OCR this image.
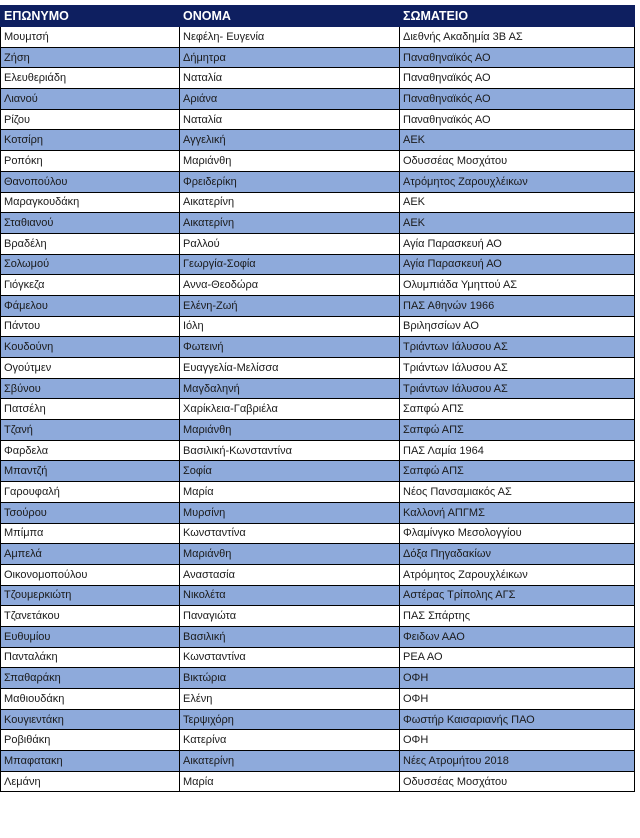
ΕΠΩΝΥΜΟ	ΟΝΟΜΑ	ΣΩΜΑΤΕΙΟ
Μουμτσή	Νεφέλη- Ευγενία	Διεθνής Ακαδημία 3Β ΑΣ
Ζήση	Δήμητρα	Παναθηναϊκός ΑΟ
Ελευθεριάδη	Ναταλία	Παναθηναϊκός ΑΟ
Λιανού	Αριάνα	Παναθηναϊκός ΑΟ
Ρίζου	Ναταλία	Παναθηναϊκός ΑΟ
Κοτσίρη	Αγγελική	ΑΕΚ
Ροπόκη	Μαριάνθη	Οδυσσέας Μοσχάτου
Θανοπούλου	Φρειδερίκη	Ατρόμητος Ζαρουχλέικων
Μαραγκουδάκη	Αικατερίνη	ΑΕΚ
Σταθιανού	Αικατερίνη	ΑΕΚ
Βραδέλη	Ραλλού	Αγία Παρασκευή ΑΟ
Σολωμού	Γεωργία-Σοφία	Αγία Παρασκευή ΑΟ
Γιόγκεζα	Αννα-Θεοδώρα	Ολυμπιάδα Υμηττού ΑΣ
Φάμελου	Ελένη-Ζωή	ΠΑΣ Αθηνών 1966
Πάντου	Ιόλη	Βριλησσίων ΑΟ
Κουδούνη	Φωτεινή	Τριάντων Ιάλυσου ΑΣ
Ογούτμεν	Ευαγγελία-Μελίσσα	Τριάντων Ιάλυσου ΑΣ
Σβύνου	Μαγδαληνή	Τριάντων Ιάλυσου ΑΣ
Πατσέλη	Χαρίκλεια-Γαβριέλα	Σαπφώ ΑΠΣ
Τζανή	Μαριάνθη	Σαπφώ ΑΠΣ
Φαρδελα	Βασιλική-Κωνσταντίνα	ΠΑΣ Λαμία 1964
Μπαντζή	Σοφία	Σαπφώ ΑΠΣ
Γαρουφαλή	Μαρία	Νέος Πανσαμιακός ΑΣ
Τσούρου	Μυρσίνη	Καλλονή ΑΠΓΜΣ
Μπίμπα	Κωνσταντίνα	Φλαμίνγκο Μεσολογγίου
Αμπελά	Μαριάνθη	Δόξα Πηγαδακίων
Οικονομοπούλου	Αναστασία	Ατρόμητος Ζαρουχλέικων
Τζουμερκιώτη	Νικολέτα	Αστέρας Τρίπολης ΑΓΣ
Τζανετάκου	Παναγιώτα	ΠΑΣ Σπάρτης
Ευθυμίου	Βασιλική	Φειδων ΑΑΟ
Πανταλάκη	Κωνσταντίνα	ΡΕΑ ΑΟ
Σπαθαράκη	Βικτώρια	ΟΦΗ
Μαθιουδάκη	Ελένη	ΟΦΗ
Κουγιεντάκη	Τερψιχόρη	Φωστήρ Καισαριανής ΠΑΟ
Ροβιθάκη	Κατερίνα	ΟΦΗ
Μπαφατακη	Αικατερίνη	Νέες Ατρομήτου 2018
Λεμάνη	Μαρία	Οδυσσέας Μοσχάτου
